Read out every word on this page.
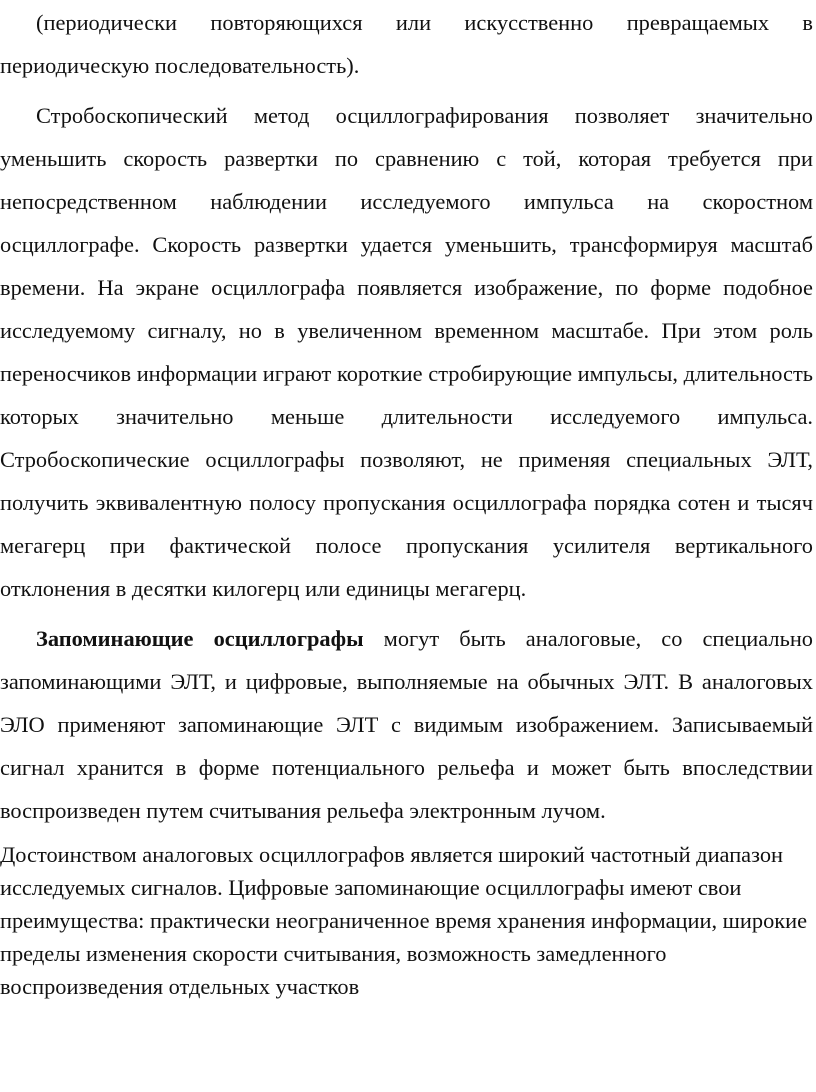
(периодически повторяющихся или искусственно превращаемых в периодическую последовательность).

Стробоскопический метод осциллографирования позволяет значительно уменьшить скорость развертки по сравнению с той, которая требуется при непосредственном наблюдении исследуемого импульса на скоростном осциллографе. Скорость развертки удается уменьшить, трансформируя масштаб времени. На экране осциллографа появляется изображение, по форме подобное исследуемому сигналу, но в увеличенном временном масштабе. При этом роль переносчиков информации играют короткие стробирующие импульсы, длительность которых значительно меньше длительности исследуемого импульса. Стробоскопические осциллографы позволяют, не применяя специальных ЭЛТ, получить эквивалентную полосу пропускания осциллографа порядка сотен и тысяч мегагерц при фактической полосе пропускания усилителя вертикального отклонения в десятки килогерц или единицы мегагерц.

Запоминающие осциллографы могут быть аналоговые, со специально запоминающими ЭЛТ, и цифровые, выполняемые на обычных ЭЛТ. В аналоговых ЭЛО применяют запоминающие ЭЛТ с видимым изображением. Записываемый сигнал хранится в форме потенциального рельефа и может быть впоследствии воспроизведен путем считывания рельефа электронным лучом.

Достоинством аналоговых осциллографов является широкий частотный диапазон исследуемых сигналов. Цифровые запоминающие осциллографы имеют свои преимущества: практически неограниченное время хранения информации, широкие пределы изменения скорости считывания, возможность замедленного воспроизведения отдельных участков
